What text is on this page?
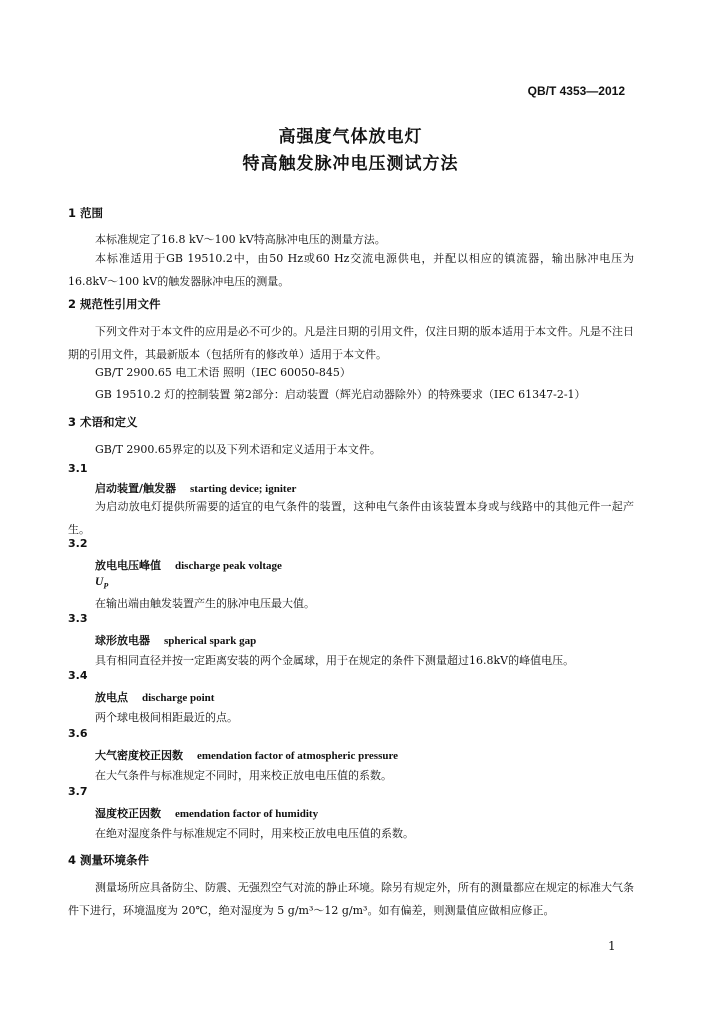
QB/T 4353—2012
高强度气体放电灯
特高触发脉冲电压测试方法
1 范围
本标准规定了16.8 kV～100 kV特高脉冲电压的测量方法。
本标准适用于GB 19510.2中，由50 Hz或60 Hz交流电源供电，并配以相应的镇流器，输出脉冲电压为16.8kV～100 kV的触发器脉冲电压的测量。
2 规范性引用文件
下列文件对于本文件的应用是必不可少的。凡是注日期的引用文件，仅注日期的版本适用于本文件。凡是不注日期的引用文件，其最新版本（包括所有的修改单）适用于本文件。
GB/T 2900.65 电工术语 照明（IEC 60050-845）
GB 19510.2 灯的控制装置 第2部分：启动装置（辉光启动器除外）的特殊要求（IEC 61347-2-1）
3 术语和定义
GB/T 2900.65界定的以及下列术语和定义适用于本文件。
3.1
启动装置/触发器 starting device; igniter
为启动放电灯提供所需要的适宜的电气条件的装置，这种电气条件由该装置本身或与线路中的其他元件一起产生。
3.2
放电电压峰值 discharge peak voltage
$U_P$
在输出端由触发装置产生的脉冲电压最大值。
3.3
球形放电器 spherical spark gap
具有相同直径并按一定距离安装的两个金属球，用于在规定的条件下测量超过16.8kV的峰值电压。
3.4
放电点 discharge point
两个球电极间相距最近的点。
3.6
大气密度校正因数 emendation factor of atmospheric pressure
在大气条件与标准规定不同时，用来校正放电电压值的系数。
3.7
湿度校正因数 emendation factor of humidity
在绝对湿度条件与标准规定不同时，用来校正放电电压值的系数。
4 测量环境条件
测量场所应具备防尘、防震、无强烈空气对流的静止环境。除另有规定外，所有的测量都应在规定的标准大气条件下进行，环境温度为 20℃，绝对湿度为 5 g/m³～12 g/m³。如有偏差，则测量值应做相应修正。
1
